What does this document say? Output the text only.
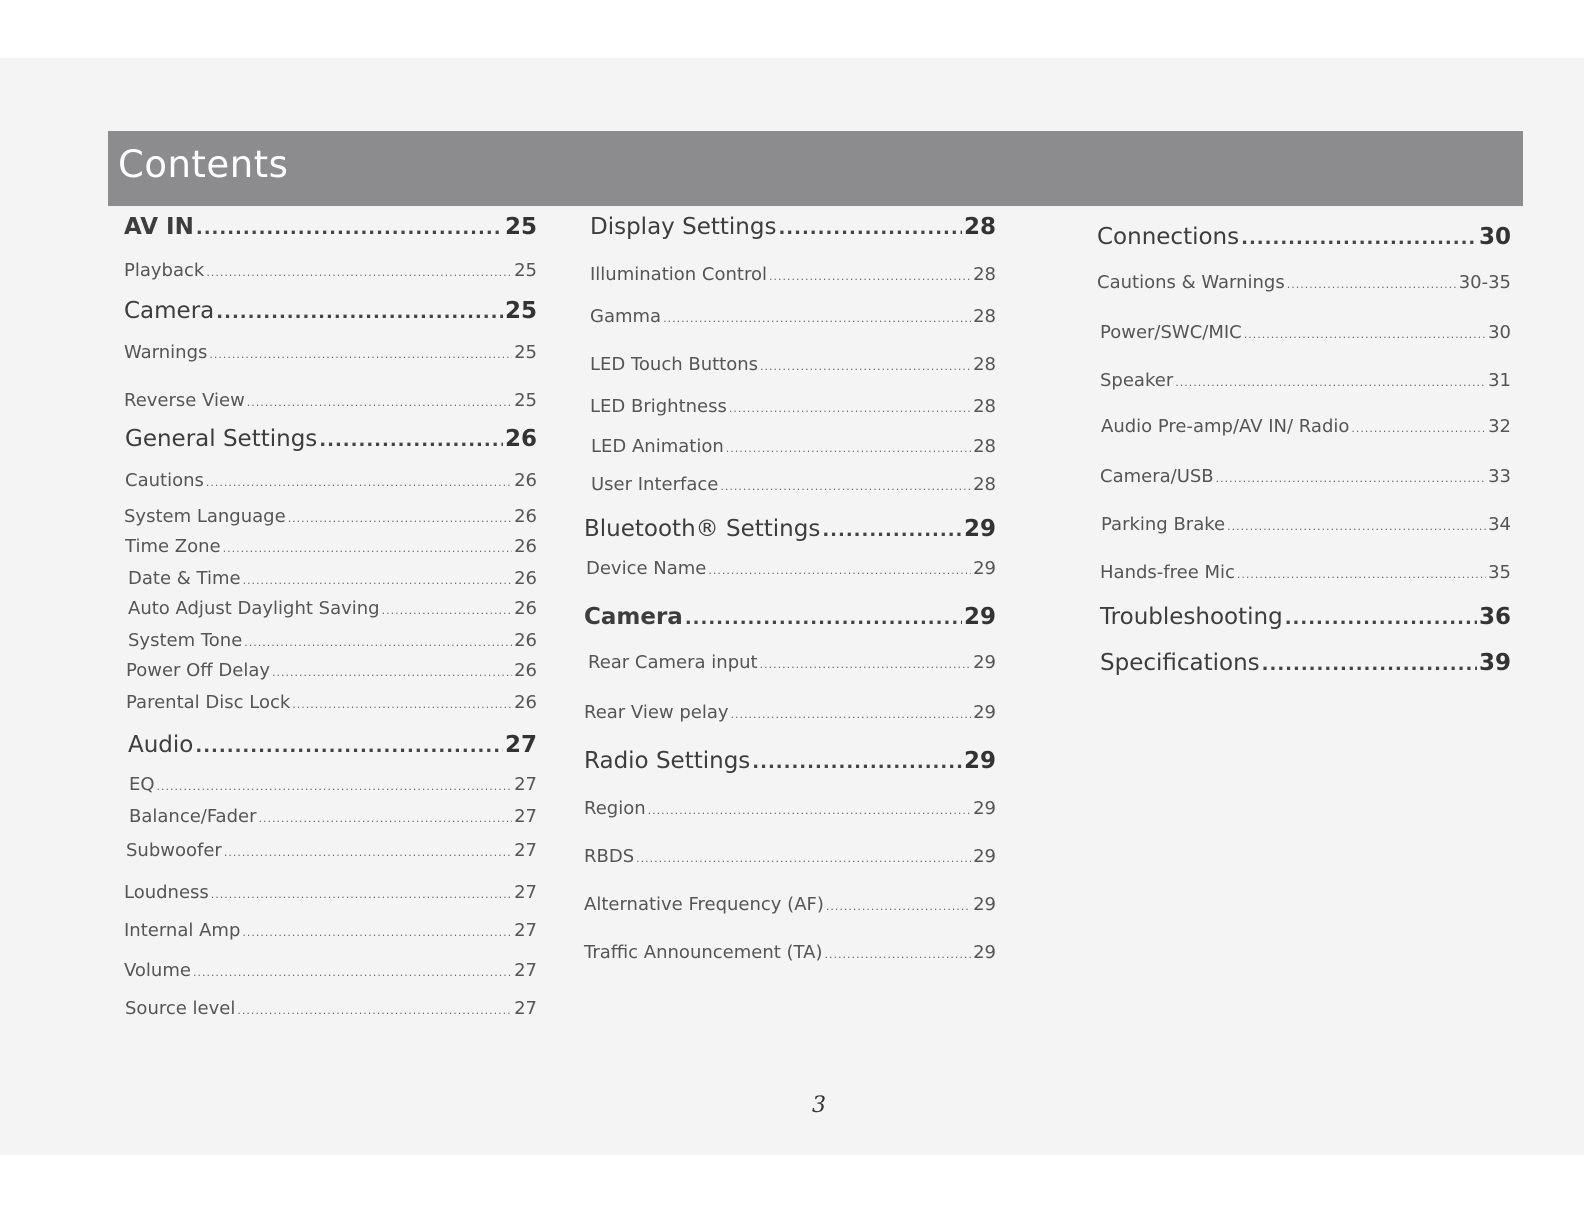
Contents
AV IN .....	25
Playback .....	25
Camera .....	25
Warnings .....	25
Reverse View .....	25
General Settings .....	26
Cautions .....	26
System Language .....	26
Time Zone .....	26
Date & Time .....	26
Auto Adjust Daylight Saving .....	26
System Tone .....	26
Power Off Delay .....	26
Parental Disc Lock .....	26
Audio .....	27
EQ .....	27
Balance/Fader .....	27
Subwoofer .....	27
Loudness .....	27
Internal Amp .....	27
Volume .....	27
Source level .....	27
Display Settings .....	28
Illumination Control .....	28
Gamma .....	28
LED Touch Buttons .....	28
LED Brightness .....	28
LED Animation .....	28
User Interface .....	28
Bluetooth® Settings .....	29
Device Name .....	29
Camera .....	29
Rear Camera input .....	29
Rear View pelay .....	29
Radio Settings .....	29
Region .....	29
RBDS .....	29
Alternative Frequency (AF) .....	29
Traffic Announcement (TA) .....	29
Connections .....	30
Cautions & Warnings .....	30-35
Power/SWC/MIC .....	30
Speaker .....	31
Audio Pre-amp/AV IN/ Radio .....	32
Camera/USB .....	33
Parking Brake .....	34
Hands-free Mic .....	35
Troubleshooting .....	36
Specifications .....	39
3
